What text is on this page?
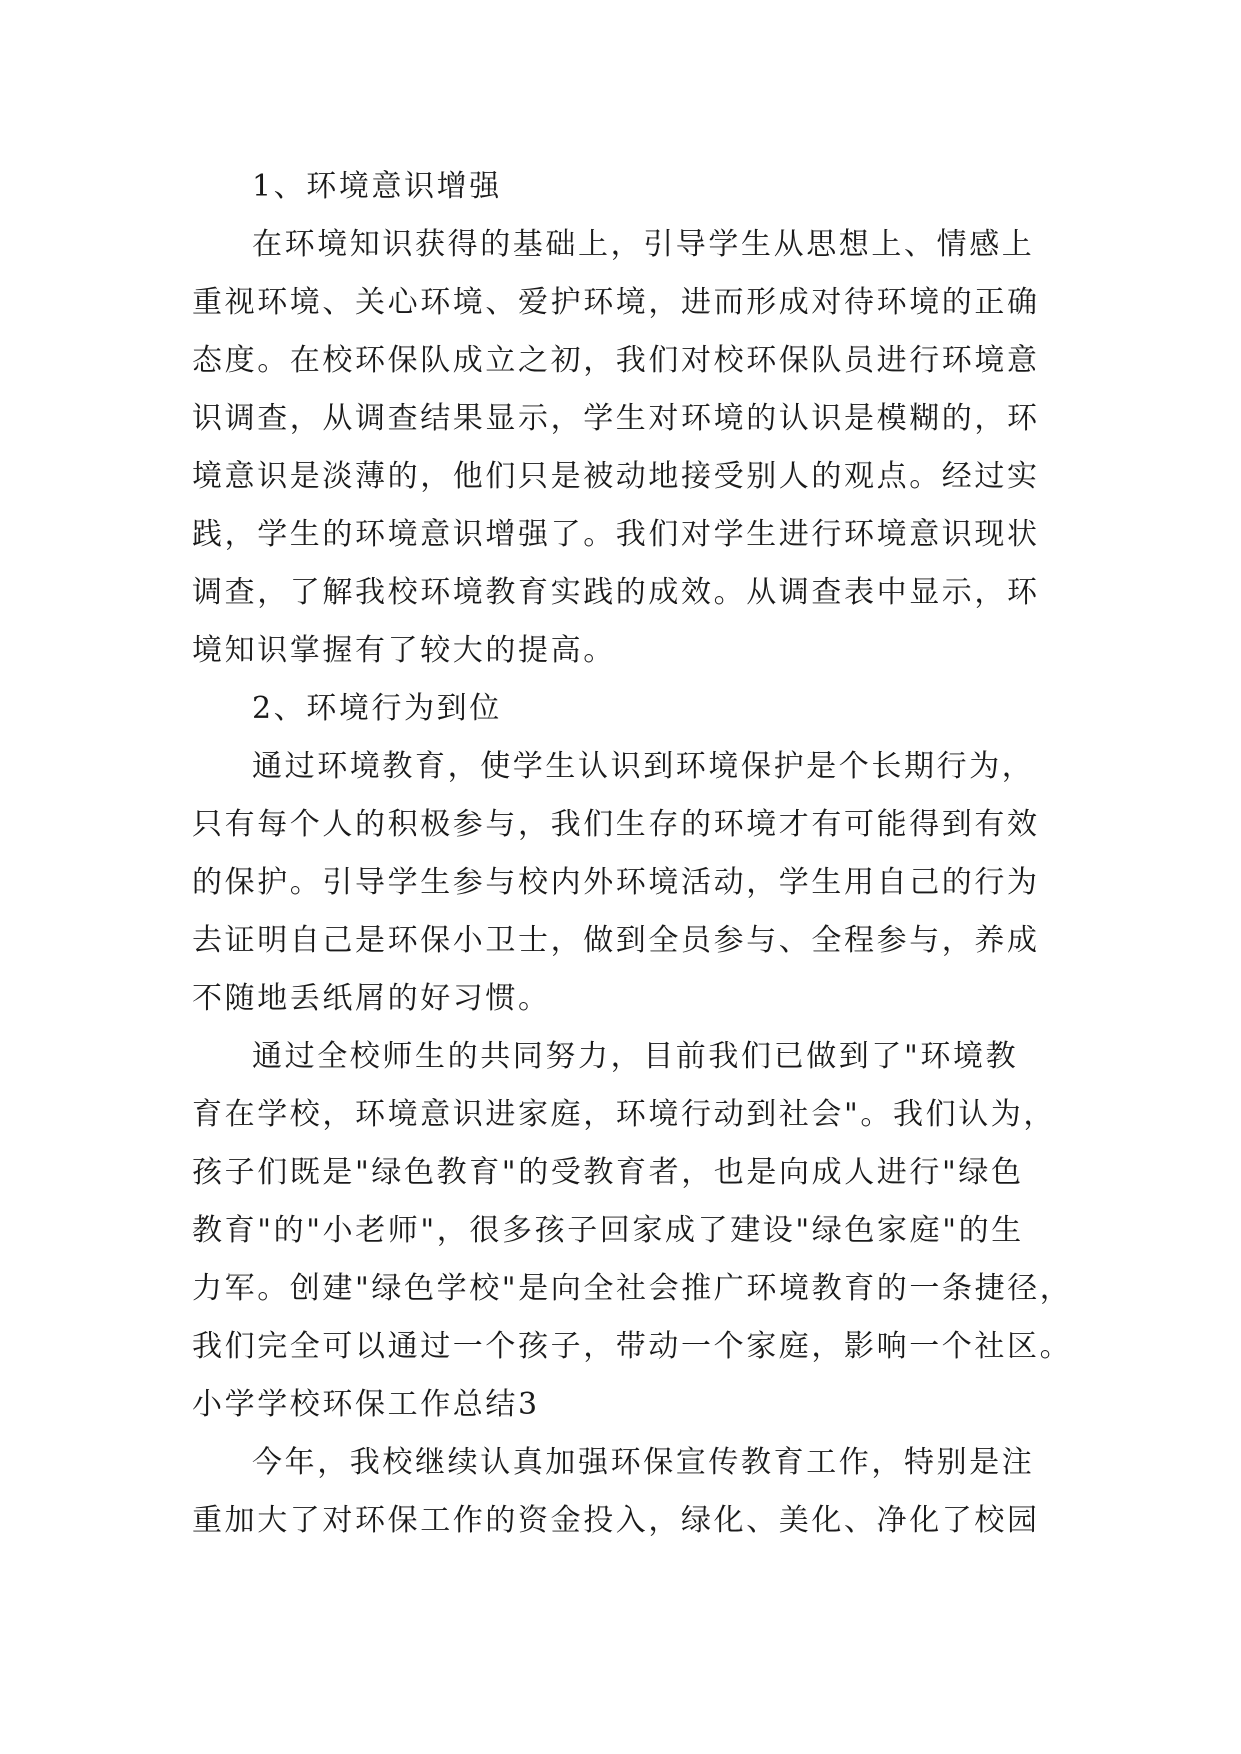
1、环境意识增强
在环境知识获得的基础上，引导学生从思想上、情感上
重视环境、关心环境、爱护环境，进而形成对待环境的正确
态度。在校环保队成立之初，我们对校环保队员进行环境意
识调查，从调查结果显示，学生对环境的认识是模糊的，环
境意识是淡薄的，他们只是被动地接受别人的观点。经过实
践，学生的环境意识增强了。我们对学生进行环境意识现状
调查，了解我校环境教育实践的成效。从调查表中显示，环
境知识掌握有了较大的提高。
2、环境行为到位
通过环境教育，使学生认识到环境保护是个长期行为，
只有每个人的积极参与，我们生存的环境才有可能得到有效
的保护。引导学生参与校内外环境活动，学生用自己的行为
去证明自己是环保小卫士，做到全员参与、全程参与，养成
不随地丢纸屑的好习惯。
通过全校师生的共同努力，目前我们已做到了"环境教
育在学校，环境意识进家庭，环境行动到社会"。我们认为，
孩子们既是"绿色教育"的受教育者，也是向成人进行"绿色
教育"的"小老师"，很多孩子回家成了建设"绿色家庭"的生
力军。创建"绿色学校"是向全社会推广环境教育的一条捷径，
我们完全可以通过一个孩子，带动一个家庭，影响一个社区。
小学学校环保工作总结3
今年，我校继续认真加强环保宣传教育工作，特别是注
重加大了对环保工作的资金投入，绿化、美化、净化了校园
